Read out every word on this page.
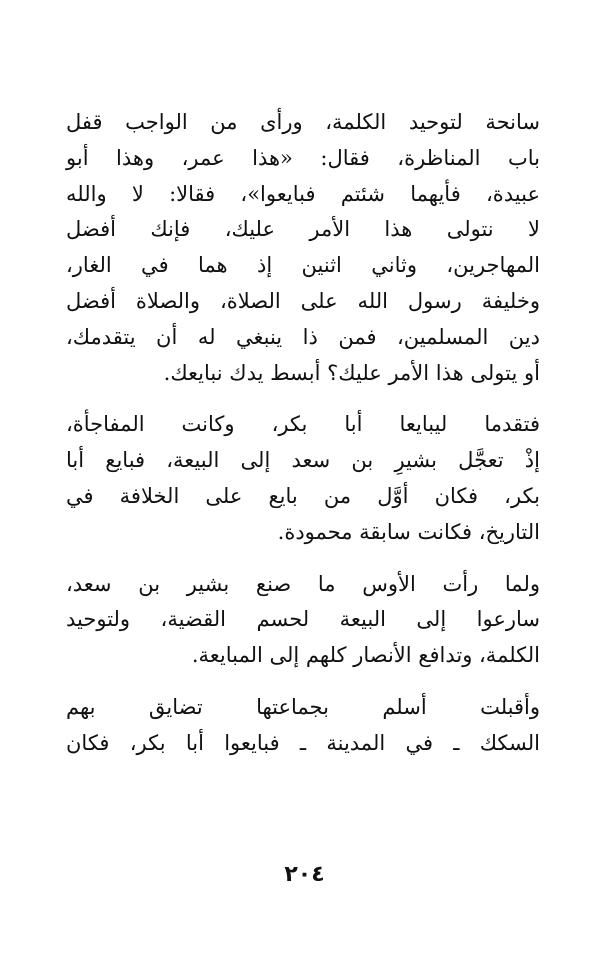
سانحة لتوحيد الكلمة، ورأى من الواجب قفل
باب المناظرة، فقال: «هذا عمر، وهذا أبو
عبيدة، فأيهما شئتم فبايعوا»، فقالا: لا والله
لا نتولى هذا الأمر عليك، فإنك أفضل
المهاجرين، وثاني اثنين إذ هما في الغار،
وخليفة رسول الله على الصلاة، والصلاة أفضل
دين المسلمين، فمن ذا ينبغي له أن يتقدمك،
أو يتولى هذا الأمر عليك؟ أبسط يدك نبايعك.
فتقدما ليبايعا أبا بكر، وكانت المفاجأة،
إذْ تعجَّل بشيرِ بن سعد إلى البيعة، فبايع أبا
بكر، فكان أوَّل من بايع على الخلافة في
التاريخ، فكانت سابقة محمودة.
ولما رأت الأوس ما صنع بشير بن سعد،
سارعوا إلى البيعة لحسم القضية، ولتوحيد
الكلمة، وتدافع الأنصار كلهم إلى المبايعة.
وأقبلت أسلم بجماعتها تضايق بهم
السكك ـ في المدينة ـ فبايعوا أبا بكر، فكان
٢٠٤
